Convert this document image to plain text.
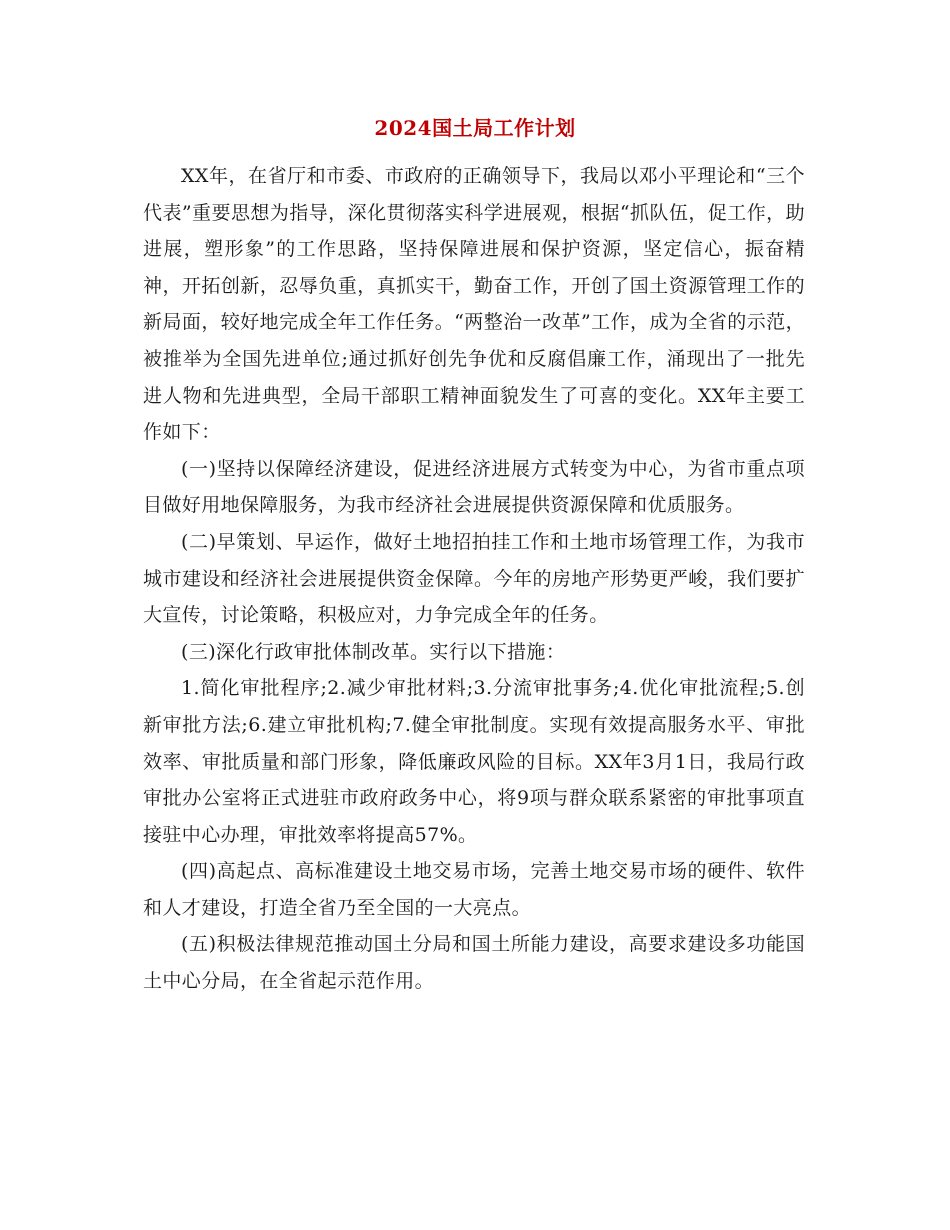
2024国土局工作计划

XX年，在省厅和市委、市政府的正确领导下，我局以邓小平理论和“三个代表”重要思想为指导，深化贯彻落实科学进展观，根据“抓队伍，促工作，助进展，塑形象”的工作思路，坚持保障进展和保护资源，坚定信心，振奋精神，开拓创新，忍辱负重，真抓实干，勤奋工作，开创了国土资源管理工作的新局面，较好地完成全年工作任务。“两整治一改革”工作，成为全省的示范，被推举为全国先进单位;通过抓好创先争优和反腐倡廉工作，涌现出了一批先进人物和先进典型，全局干部职工精神面貌发生了可喜的变化。XX年主要工作如下：

(一)坚持以保障经济建设，促进经济进展方式转变为中心，为省市重点项目做好用地保障服务，为我市经济社会进展提供资源保障和优质服务。

(二)早策划、早运作，做好土地招拍挂工作和土地市场管理工作，为我市城市建设和经济社会进展提供资金保障。今年的房地产形势更严峻，我们要扩大宣传，讨论策略，积极应对，力争完成全年的任务。

(三)深化行政审批体制改革。实行以下措施：

1.简化审批程序;2.减少审批材料;3.分流审批事务;4.优化审批流程;5.创新审批方法;6.建立审批机构;7.健全审批制度。实现有效提高服务水平、审批效率、审批质量和部门形象，降低廉政风险的目标。XX年3月1日，我局行政审批办公室将正式进驻市政府政务中心，将9项与群众联系紧密的审批事项直接驻中心办理，审批效率将提高57%。

(四)高起点、高标准建设土地交易市场，完善土地交易市场的硬件、软件和人才建设，打造全省乃至全国的一大亮点。

(五)积极法律规范推动国土分局和国土所能力建设，高要求建设多功能国土中心分局，在全省起示范作用。
